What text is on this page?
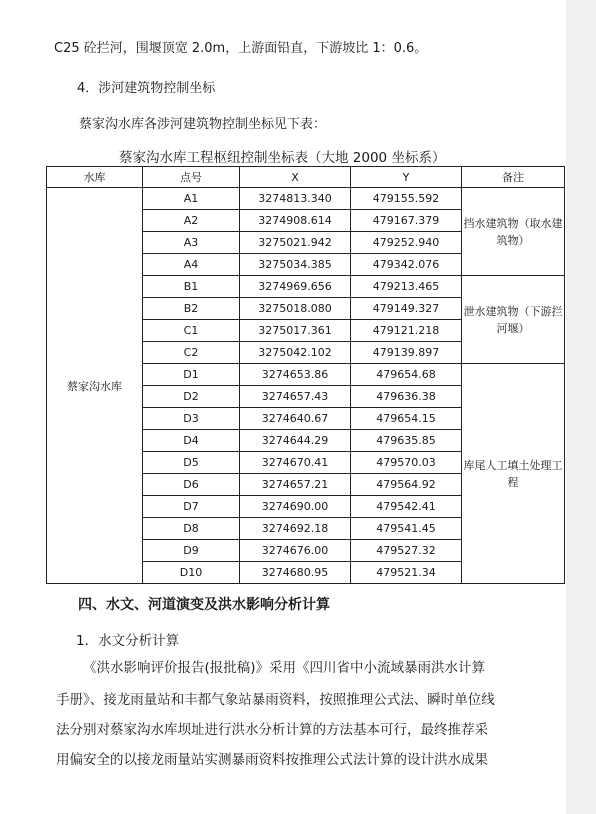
C25 砼拦河，围堰顶宽 2.0m，上游面铅直，下游坡比 1：0.6。
4．涉河建筑物控制坐标
蔡家沟水库各涉河建筑物控制坐标见下表：
蔡家沟水库工程枢纽控制坐标表（大地 2000 坐标系）
水库	点号	X	Y	备注
蔡家沟水库	A1	3274813.340	479155.592	挡水建筑物（取水建筑物）
	A2	3274908.614	479167.379	
	A3	3275021.942	479252.940	
	A4	3275034.385	479342.076	
	B1	3274969.656	479213.465	泄水建筑物（下游拦河堰）
	B2	3275018.080	479149.327	
	C1	3275017.361	479121.218	
	C2	3275042.102	479139.897	
	D1	3274653.86	479654.68	库尾人工填土处理工程
	D2	3274657.43	479636.38	
	D3	3274640.67	479654.15	
	D4	3274644.29	479635.85	
	D5	3274670.41	479570.03	
	D6	3274657.21	479564.92	
	D7	3274690.00	479542.41	
	D8	3274692.18	479541.45	
	D9	3274676.00	479527.32	
	D10	3274680.95	479521.34	
四、水文、河道演变及洪水影响分析计算
1．水文分析计算
《洪水影响评价报告(报批稿)》采用《四川省中小流域暴雨洪水计算
手册》、接龙雨量站和丰都气象站暴雨资料，按照推理公式法、瞬时单位线
法分别对蔡家沟水库坝址进行洪水分析计算的方法基本可行，最终推荐采
用偏安全的以接龙雨量站实测暴雨资料按推理公式法计算的设计洪水成果
